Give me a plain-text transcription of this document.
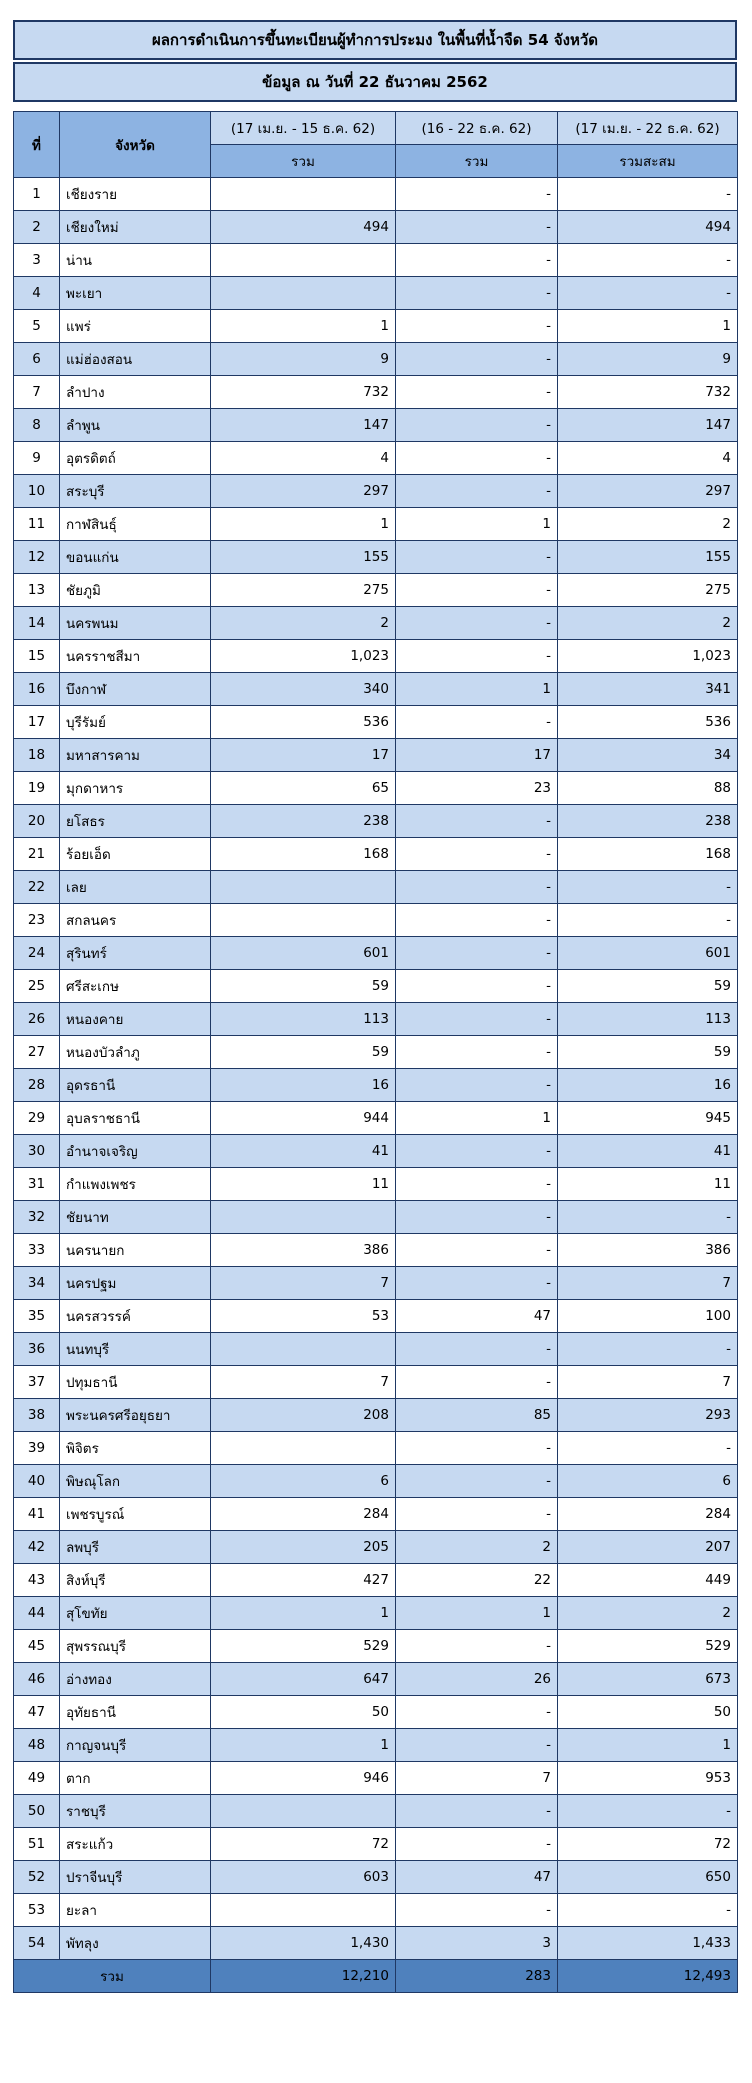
ผลการดำเนินการขึ้นทะเบียนผู้ทำการประมง ในพื้นที่น้ำจืด 54 จังหวัด
ข้อมูล ณ วันที่ 22 ธันวาคม 2562
ที่	จังหวัด	(17 เม.ย. - 15 ธ.ค. 62)	(16 - 22 ธ.ค. 62)	(17 เม.ย. - 22 ธ.ค. 62)
		รวม	รวม	รวมสะสม
1	เชียงราย		-	-
2	เชียงใหม่	494	-	494
3	น่าน		-	-
4	พะเยา		-	-
5	แพร่	1	-	1
6	แม่ฮ่องสอน	9	-	9
7	ลำปาง	732	-	732
8	ลำพูน	147	-	147
9	อุตรดิตถ์	4	-	4
10	สระบุรี	297	-	297
11	กาฬสินธุ์	1	1	2
12	ขอนแก่น	155	-	155
13	ชัยภูมิ	275	-	275
14	นครพนม	2	-	2
15	นครราชสีมา	1,023	-	1,023
16	บึงกาฬ	340	1	341
17	บุรีรัมย์	536	-	536
18	มหาสารคาม	17	17	34
19	มุกดาหาร	65	23	88
20	ยโสธร	238	-	238
21	ร้อยเอ็ด	168	-	168
22	เลย		-	-
23	สกลนคร		-	-
24	สุรินทร์	601	-	601
25	ศรีสะเกษ	59	-	59
26	หนองคาย	113	-	113
27	หนองบัวลำภู	59	-	59
28	อุดรธานี	16	-	16
29	อุบลราชธานี	944	1	945
30	อำนาจเจริญ	41	-	41
31	กำแพงเพชร	11	-	11
32	ชัยนาท		-	-
33	นครนายก	386	-	386
34	นครปฐม	7	-	7
35	นครสวรรค์	53	47	100
36	นนทบุรี		-	-
37	ปทุมธานี	7	-	7
38	พระนครศรีอยุธยา	208	85	293
39	พิจิตร		-	-
40	พิษณุโลก	6	-	6
41	เพชรบูรณ์	284	-	284
42	ลพบุรี	205	2	207
43	สิงห์บุรี	427	22	449
44	สุโขทัย	1	1	2
45	สุพรรณบุรี	529	-	529
46	อ่างทอง	647	26	673
47	อุทัยธานี	50	-	50
48	กาญจนบุรี	1	-	1
49	ตาก	946	7	953
50	ราชบุรี		-	-
51	สระแก้ว	72	-	72
52	ปราจีนบุรี	603	47	650
53	ยะลา		-	-
54	พัทลุง	1,430	3	1,433
รวม		12,210	283	12,493
